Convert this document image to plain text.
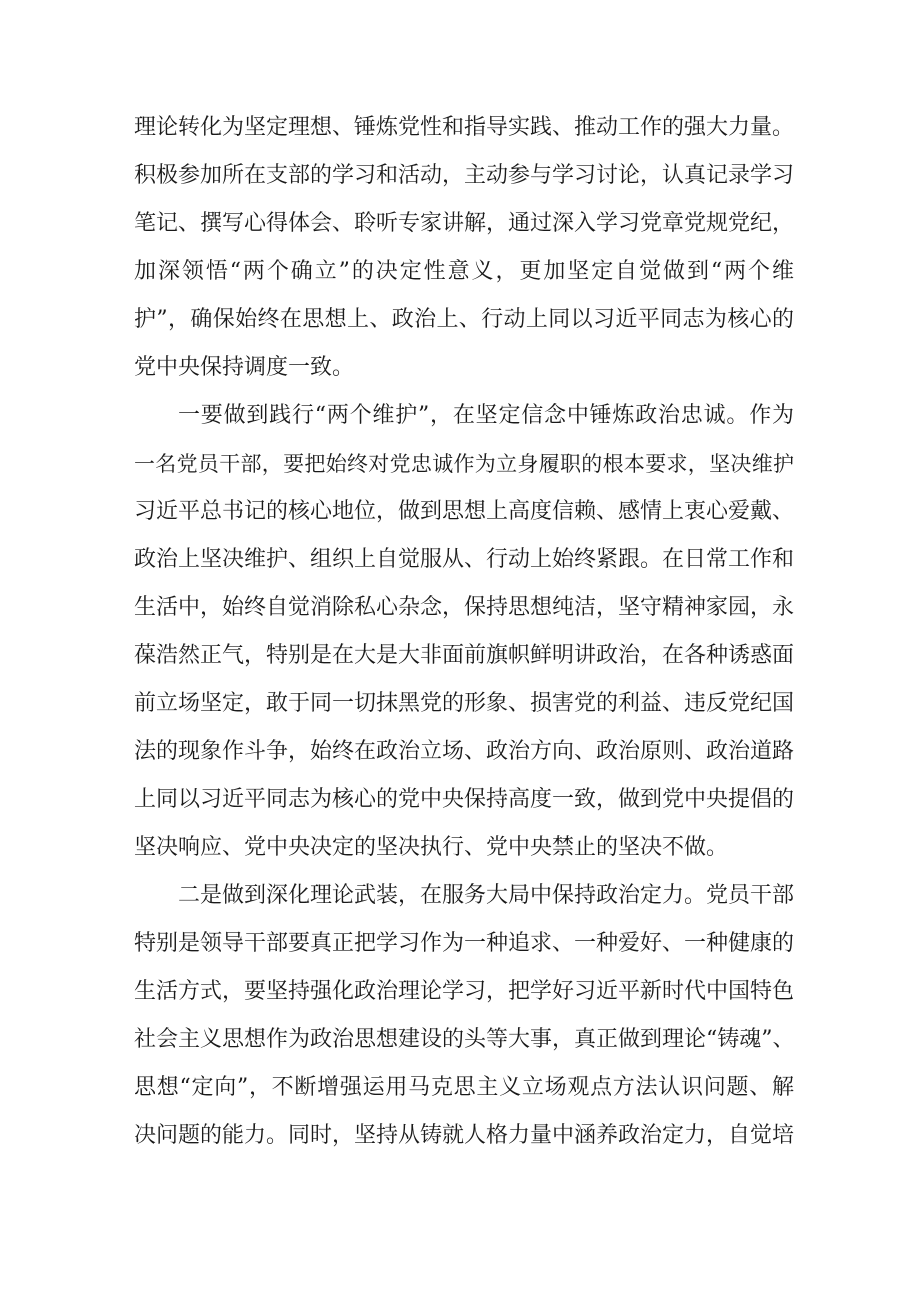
理论转化为坚定理想、锤炼党性和指导实践、推动工作的强大力量。
积极参加所在支部的学习和活动，主动参与学习讨论，认真记录学习
笔记、撰写心得体会、聆听专家讲解，通过深入学习党章党规党纪，
加深领悟“两个确立”的决定性意义，更加坚定自觉做到“两个维
护”，确保始终在思想上、政治上、行动上同以习近平同志为核心的
党中央保持调度一致。
一要做到践行“两个维护”，在坚定信念中锤炼政治忠诚。作为
一名党员干部，要把始终对党忠诚作为立身履职的根本要求，坚决维护
习近平总书记的核心地位，做到思想上高度信赖、感情上衷心爱戴、
政治上坚决维护、组织上自觉服从、行动上始终紧跟。在日常工作和
生活中，始终自觉消除私心杂念，保持思想纯洁，坚守精神家园，永
葆浩然正气，特别是在大是大非面前旗帜鲜明讲政治，在各种诱惑面
前立场坚定，敢于同一切抹黑党的形象、损害党的利益、违反党纪国
法的现象作斗争，始终在政治立场、政治方向、政治原则、政治道路
上同以习近平同志为核心的党中央保持高度一致，做到党中央提倡的
坚决响应、党中央决定的坚决执行、党中央禁止的坚决不做。
二是做到深化理论武装，在服务大局中保持政治定力。党员干部
特别是领导干部要真正把学习作为一种追求、一种爱好、一种健康的
生活方式，要坚持强化政治理论学习，把学好习近平新时代中国特色
社会主义思想作为政治思想建设的头等大事，真正做到理论“铸魂”、
思想“定向”，不断增强运用马克思主义立场观点方法认识问题、解
决问题的能力。同时，坚持从铸就人格力量中涵养政治定力，自觉培
